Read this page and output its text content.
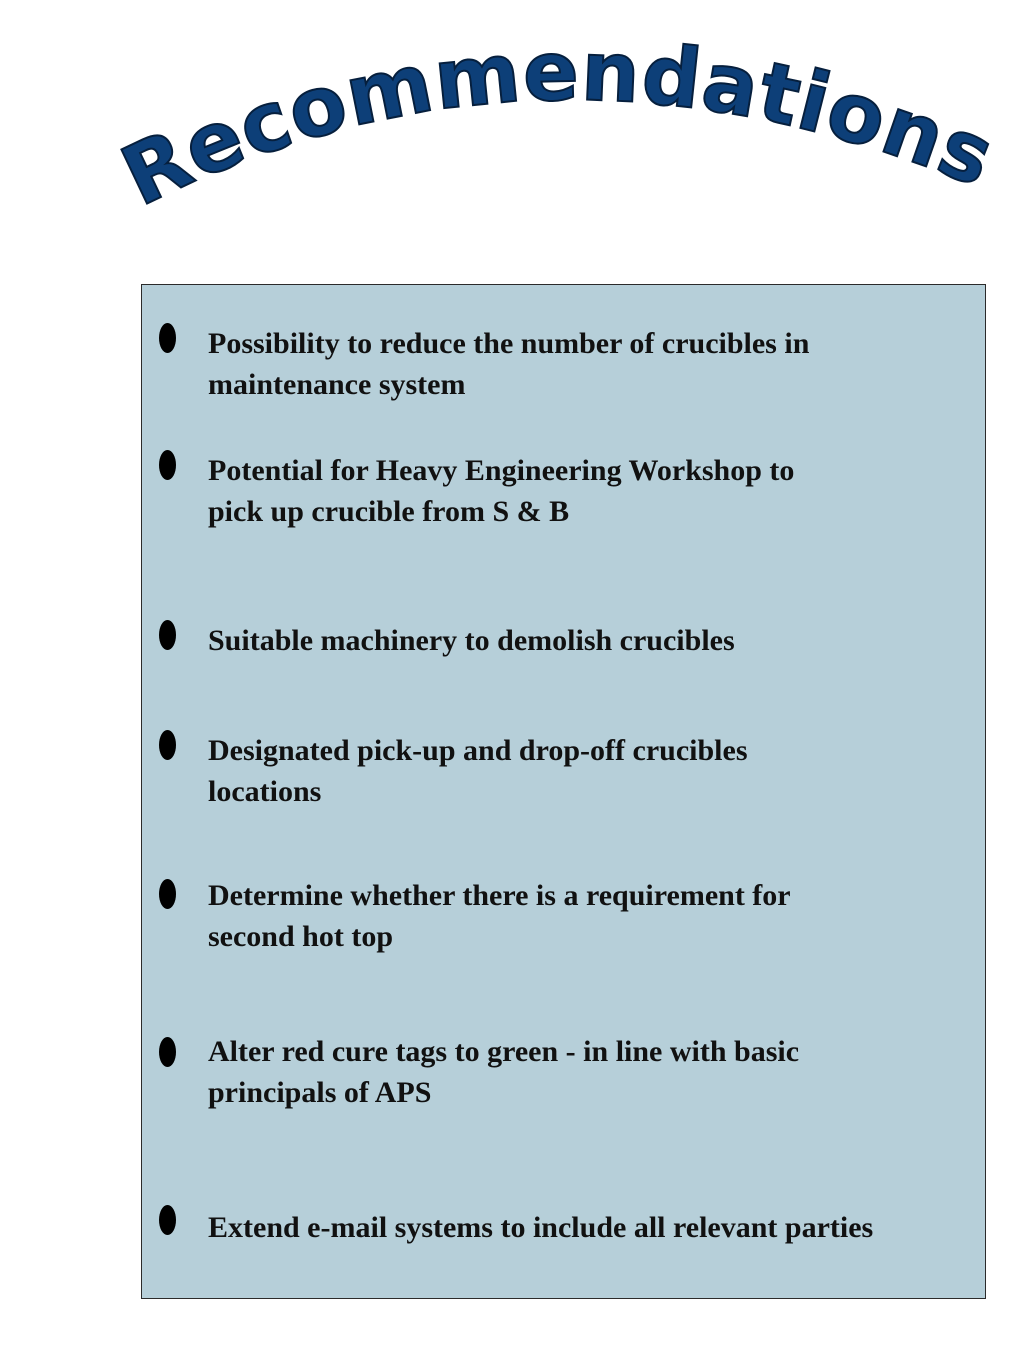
Recommendations
Possibility to reduce the number of crucibles in
maintenance system
Potential for Heavy Engineering Workshop to
pick up crucible from S & B
Suitable machinery to demolish crucibles
Designated pick-up and drop-off crucibles
locations
Determine whether there is a requirement for
second hot top
Alter red cure tags to green - in line with basic
principals of APS
Extend e-mail systems to include all relevant parties
